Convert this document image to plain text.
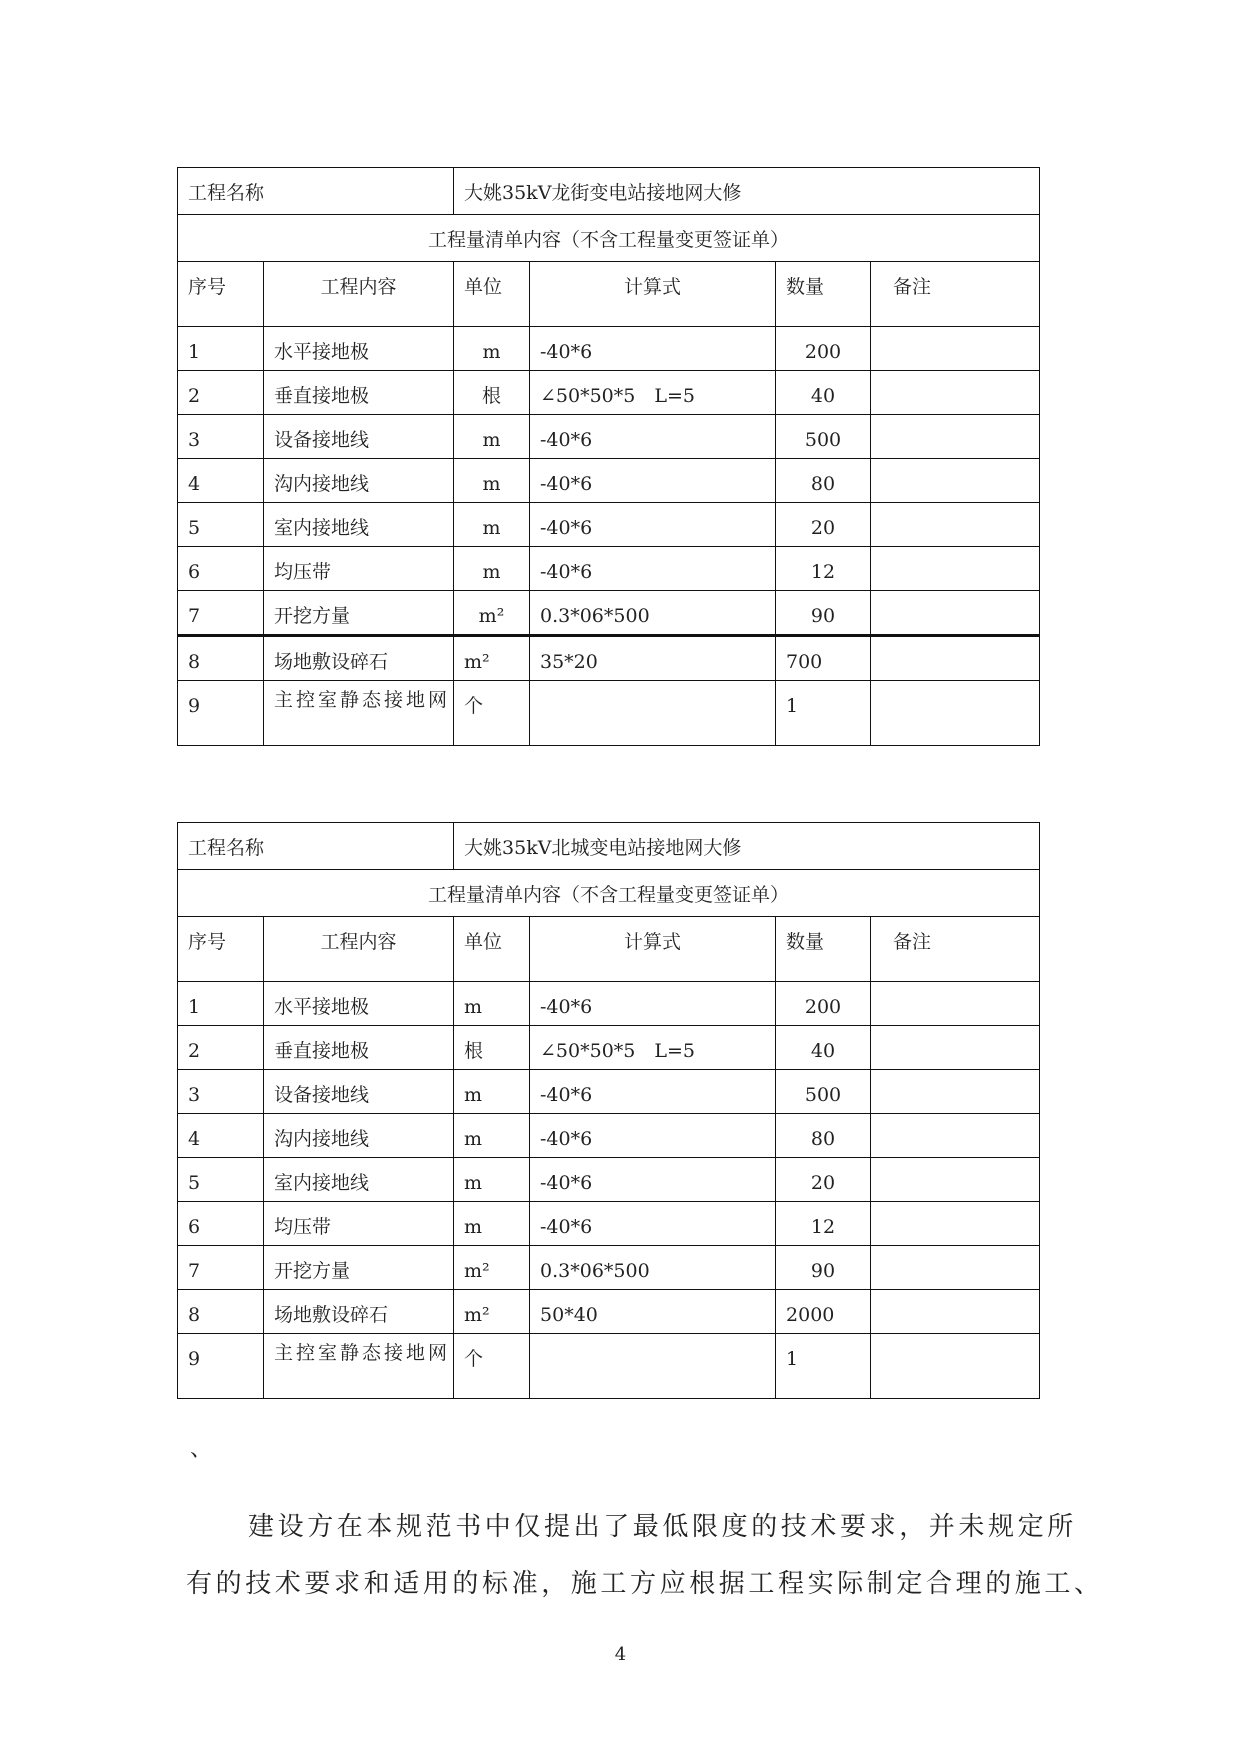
工程名称		大姚35kV龙街变电站接地网大修			

工程量清单内容（不含工程量变更签证单）					

序号	工程内容	单位	计算式	数量	备注

1	水平接地极	m	-40*6	200	

2	垂直接地极	根	∠50*50*5　L=5	40	

3	设备接地线	m	-40*6	500	

4	沟内接地线	m	-40*6	80	

5	室内接地线	m	-40*6	20	

6	均压带	m	-40*6	12	

7	开挖方量	m²	0.3*06*500	90	

8	场地敷设碎石	m²	35*20	700	

9	主控室静态接地网	个		1	

工程名称		大姚35kV北城变电站接地网大修			

工程量清单内容（不含工程量变更签证单）					

序号	工程内容	单位	计算式	数量	备注

1	水平接地极	m	-40*6	200	

2	垂直接地极	根	∠50*50*5　L=5	40	

3	设备接地线	m	-40*6	500	

4	沟内接地线	m	-40*6	80	

5	室内接地线	m	-40*6	20	

6	均压带	m	-40*6	12	

7	开挖方量	m²	0.3*06*500	90	

8	场地敷设碎石	m²	50*40	2000	

9	主控室静态接地网	个		1	

、
建设方在本规范书中仅提出了最低限度的技术要求，并未规定所
有的技术要求和适用的标准，施工方应根据工程实际制定合理的施工、
4
